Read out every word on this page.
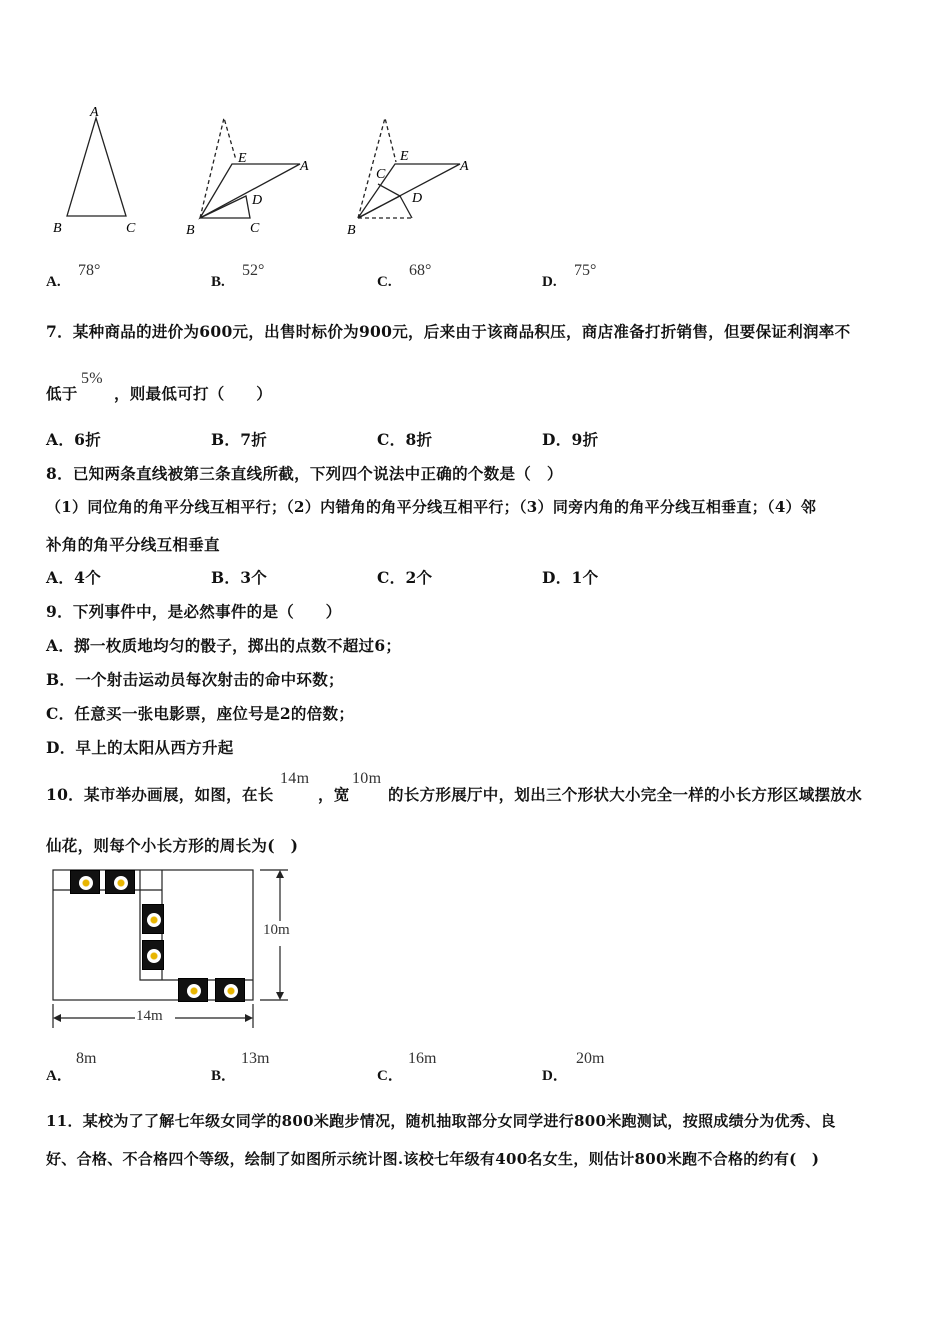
A
B	C
E
A
D
B	C
E
A
C
D
B
A.
78°
B.
52°
C.
68°
D.
75°
7．某种商品的进价为600元，出售时标价为900元，后来由于该商品积压，商店准备打折销售，但要保证利润率不
低于
5%
，则最低可打（　　）
A．6折	B．7折	C．8折	D．9折
8．已知两条直线被第三条直线所截，下列四个说法中正确的个数是（　）
（1）同位角的角平分线互相平行；（2）内错角的角平分线互相平行；（3）同旁内角的角平分线互相垂直；（4）邻
补角的角平分线互相垂直
A．4个	B．3个	C．2个	D．1个
9．下列事件中，是必然事件的是（　　）
A．掷一枚质地均匀的骰子，掷出的点数不超过6；
B．一个射击运动员每次射击的命中环数；
C．任意买一张电影票，座位号是2的倍数；
D．早上的太阳从西方升起
10．某市举办画展，如图，在长
14m
，宽
10m
的长方形展厅中，划出三个形状大小完全一样的小长方形区域摆放水
仙花，则每个小长方形的周长为(　)
10m
14m
A．
8m
B．
13m
C．
16m
D．
20m
11．某校为了了解七年级女同学的800米跑步情况，随机抽取部分女同学进行800米跑测试，按照成绩分为优秀、良
好、合格、不合格四个等级，绘制了如图所示统计图.该校七年级有400名女生，则估计800米跑不合格的约有(　)
